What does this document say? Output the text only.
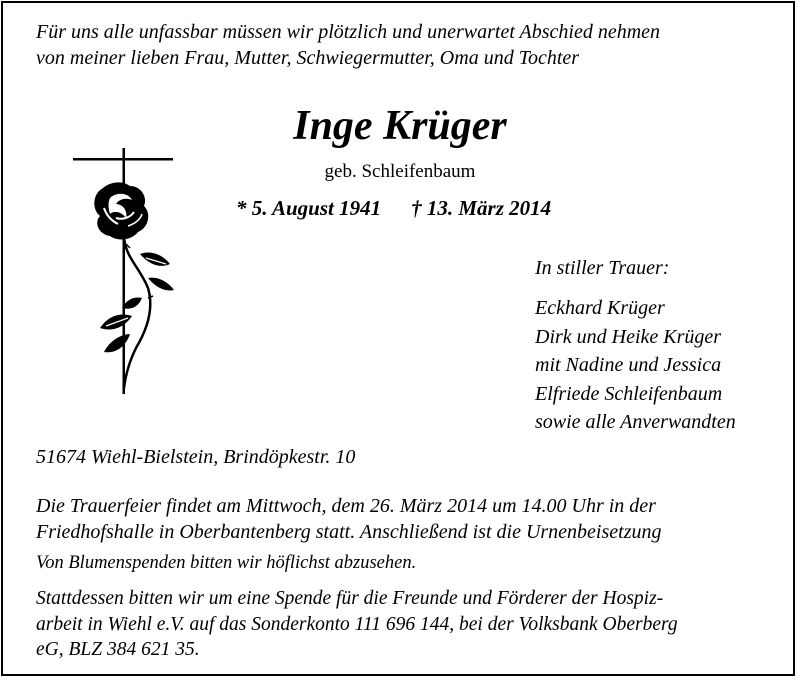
Für uns alle unfassbar müssen wir plötzlich und unerwartet Abschied nehmen
von meiner lieben Frau, Mutter, Schwiegermutter, Oma und Tochter
Inge Krüger
geb. Schleifenbaum
* 5. August 1941 † 13. März 2014
In stiller Trauer:
Eckhard Krüger
Dirk und Heike Krüger
mit Nadine und Jessica
Elfriede Schleifenbaum
sowie alle Anverwandten
51674 Wiehl-Bielstein, Brindöpkestr. 10
Die Trauerfeier findet am Mittwoch, dem 26. März 2014 um 14.00 Uhr in der
Friedhofshalle in Oberbantenberg statt. Anschließend ist die Urnenbeisetzung
Von Blumenspenden bitten wir höflichst abzusehen.
Stattdessen bitten wir um eine Spende für die Freunde und Förderer der Hospiz-
arbeit in Wiehl e.V. auf das Sonderkonto 111 696 144, bei der Volksbank Oberberg
eG, BLZ 384 621 35.
